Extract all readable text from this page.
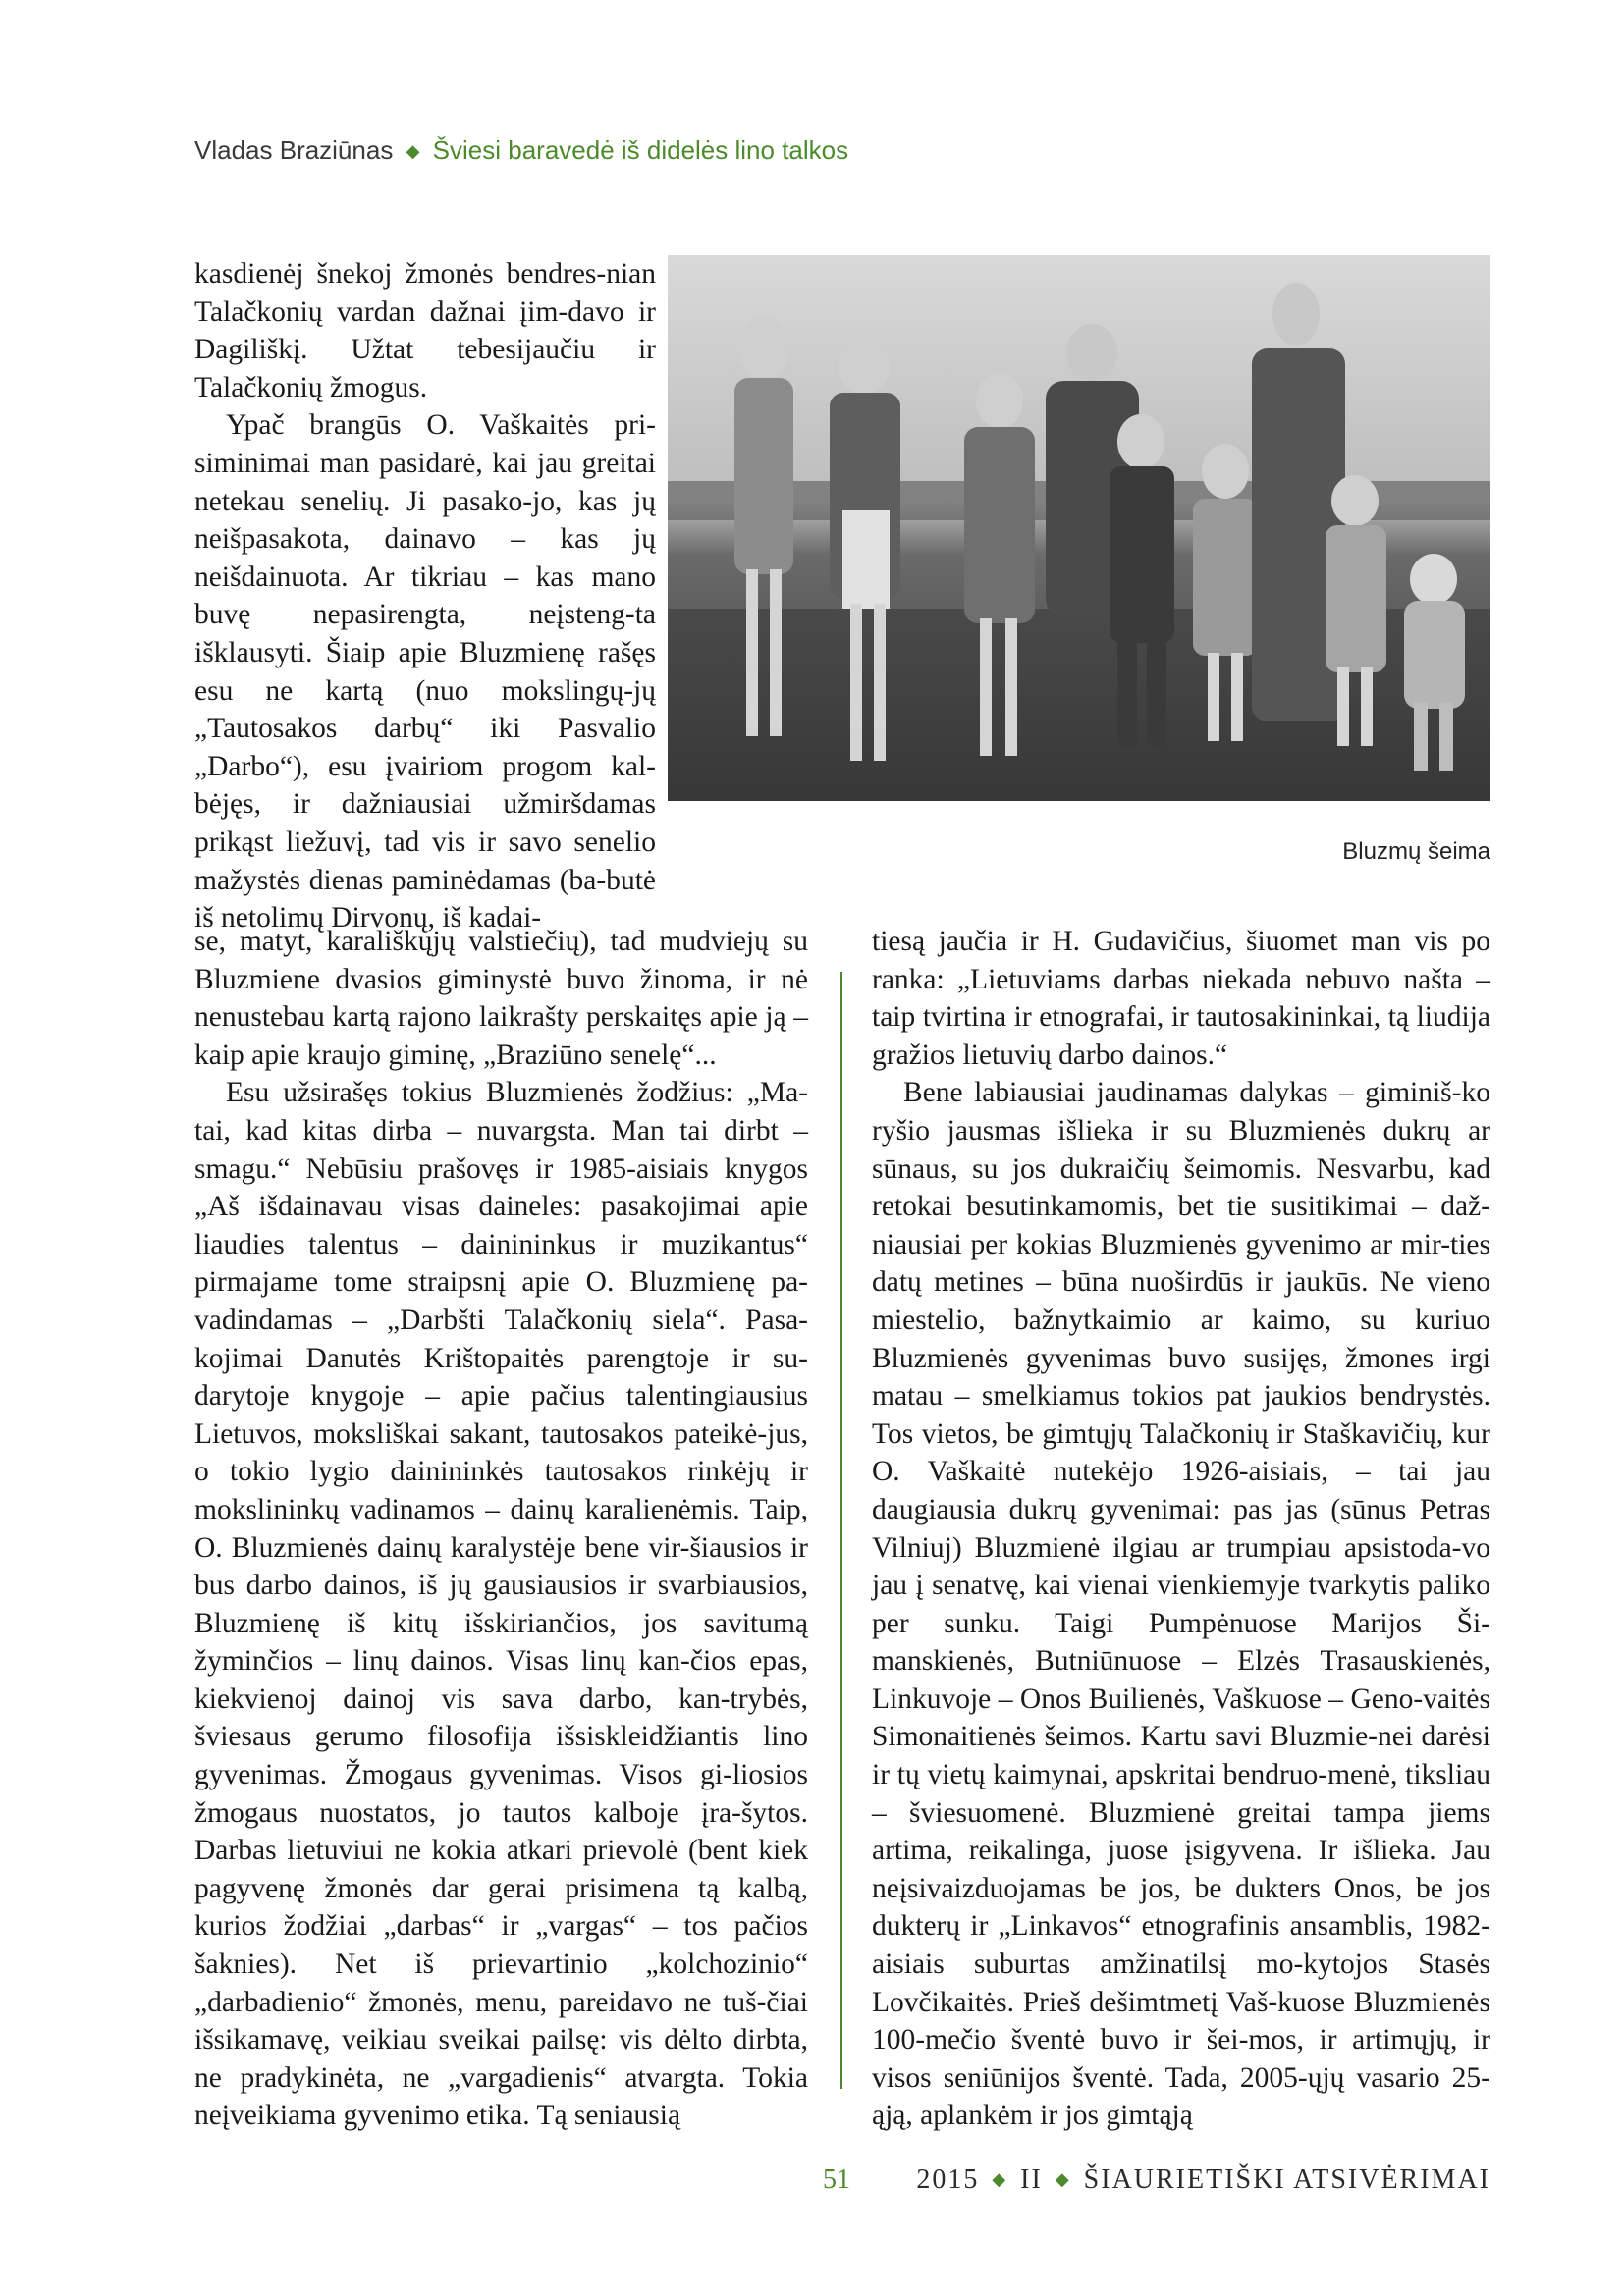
Vladas Braziūnas ◆ Šviesi baravedė iš didelės lino talkos
Bluzmų šeima

kasdienėj šnekoj žmonės bendres-nian Talačkonių vardan dažnai įim-davo ir Dagiliškį. Užtat tebesijaučiu ir Talačkonių žmogus.

Ypač brangūs O. Vaškaitės pri-siminimai man pasidarė, kai jau greitai netekau senelių. Ji pasako-jo, kas jų neišpasakota, dainavo – kas jų neišdainuota. Ar tikriau – kas mano buvę nepasirengta, neįsteng-ta išklausyti. Šiaip apie Bluzmienę rašęs esu ne kartą (nuo mokslingų-jų „Tautosakos darbų“ iki Pasvalio „Darbo“), esu įvairiom progom kal-bėjęs, ir dažniausiai užmiršdamas prikąst liežuvį, tad vis ir savo senelio mažystės dienas paminėdamas (ba-butė iš netolimų Dirvonų, iš kadai-

se, matyt, karališkųjų valstiečių), tad mudviejų su Bluzmiene dvasios giminystė buvo žinoma, ir nė nenustebau kartą rajono laikraštу perskaitęs apie ją – kaip apie kraujo giminę, „Braziūno senelę“...

Esu užsirašęs tokius Bluzmienės žodžius: „Ma-tai, kad kitas dirba – nuvargsta. Man tai dirbt – smagu.“ Nebūsiu prašovęs ir 1985-aisiais knygos „Aš išdainavau visas daineles: pasakojimai apie liaudies talentus – dainininkus ir muzikantus“ pirmajame tome straipsnį apie O. Bluzmienę pa-vadindamas – „Darbšti Talačkonių siela“. Pasa-kojimai Danutės Krištopaitės parengtoje ir su-darytoje knygoje – apie pačius talentingiausius Lietuvos, moksliškai sakant, tautosakos pateikė-jus, o tokio lygio dainininkės tautosakos rinkėjų ir mokslininkų vadinamos – dainų karalienėmis. Taip, O. Bluzmienės dainų karalystėje bene vir-šiausios ir bus darbo dainos, iš jų gausiausios ir svarbiausios, Bluzmienę iš kitų išskiriančios, jos savitumą žyminčios – linų dainos. Visas linų kan-čios epas, kiekvienoj dainoj vis sava darbo, kan-trybės, šviesaus gerumo filosofija išsiskleidžiantis lino gyvenimas. Žmogaus gyvenimas. Visos gi-liosios žmogaus nuostatos, jo tautos kalboje įra-šytos. Darbas lietuviui ne kokia atkari prievolė (bent kiek pagyvenę žmonės dar gerai prisimena tą kalbą, kurios žodžiai „darbas“ ir „vargas“ – tos pačios šaknies). Net iš prievartinio „kolchozinio“ „darbadienio“ žmonės, menu, pareidavo ne tuš-čiai išsikamavę, veikiau sveikai pailsę: vis dėlto dirbta, ne pradykinėta, ne „vargadienis“ atvargta. Tokia neįveikiama gyvenimo etika. Tą seniausią

tiesą jaučia ir H. Gudavičius, šiuomet man vis po ranka: „Lietuviams darbas niekada nebuvo našta – taip tvirtina ir etnografai, ir tautosakininkai, tą liudija gražios lietuvių darbo dainos.“

Bene labiausiai jaudinamas dalykas – giminiš-ko ryšio jausmas išlieka ir su Bluzmienės dukrų ar sūnaus, su jos dukraičių šeimomis. Nesvarbu, kad retokai besutinkamomis, bet tie susitikimai – daž-niausiai per kokias Bluzmienės gyvenimo ar mir-ties datų metines – būna nuoširdūs ir jaukūs. Ne vieno miestelio, bažnytkaimio ar kaimo, su kuriuo Bluzmienės gyvenimas buvo susijęs, žmones irgi matau – smelkiamus tokios pat jaukios bendrystės. Tos vietos, be gimtųjų Talačkonių ir Staškavičių, kur O. Vaškaitė nutekėjo 1926-aisiais, – tai jau daugiausia dukrų gyvenimai: pas jas (sūnus Petras Vilniuj) Bluzmienė ilgiau ar trumpiau apsistoda-vo jau į senatvę, kai vienai vienkiemyje tvarkytis paliko per sunku. Taigi Pumpėnuose Marijos Ši-manskienės, Butniūnuose – Elzės Trasauskienės, Linkuvoje – Onos Builienės, Vaškuose – Geno-vaitės Simonaitienės šeimos. Kartu savi Bluzmie-nei darėsi ir tų vietų kaimynai, apskritai bendruo-menė, tiksliau – šviesuomenė. Bluzmienė greitai tampa jiems artima, reikalinga, juose įsigyvena. Ir išlieka. Jau neįsivaizduojamas be jos, be dukters Onos, be jos dukterų ir „Linkavos“ etnografinis ansamblis, 1982-aisiais suburtas amžinatilsį mo-kytojos Stasės Lovčikaitės. Prieš dešimtmetį Vaš-kuose Bluzmienės 100-mečio šventė buvo ir šei-mos, ir artimųjų, ir visos seniūnijos šventė. Tada, 2005-ųjų vasario 25-ąją, aplankėm ir jos gimtąją

51 2015 ◆ II ◆ ŠIAURIETIŠKI ATSIVĖRIMAI
